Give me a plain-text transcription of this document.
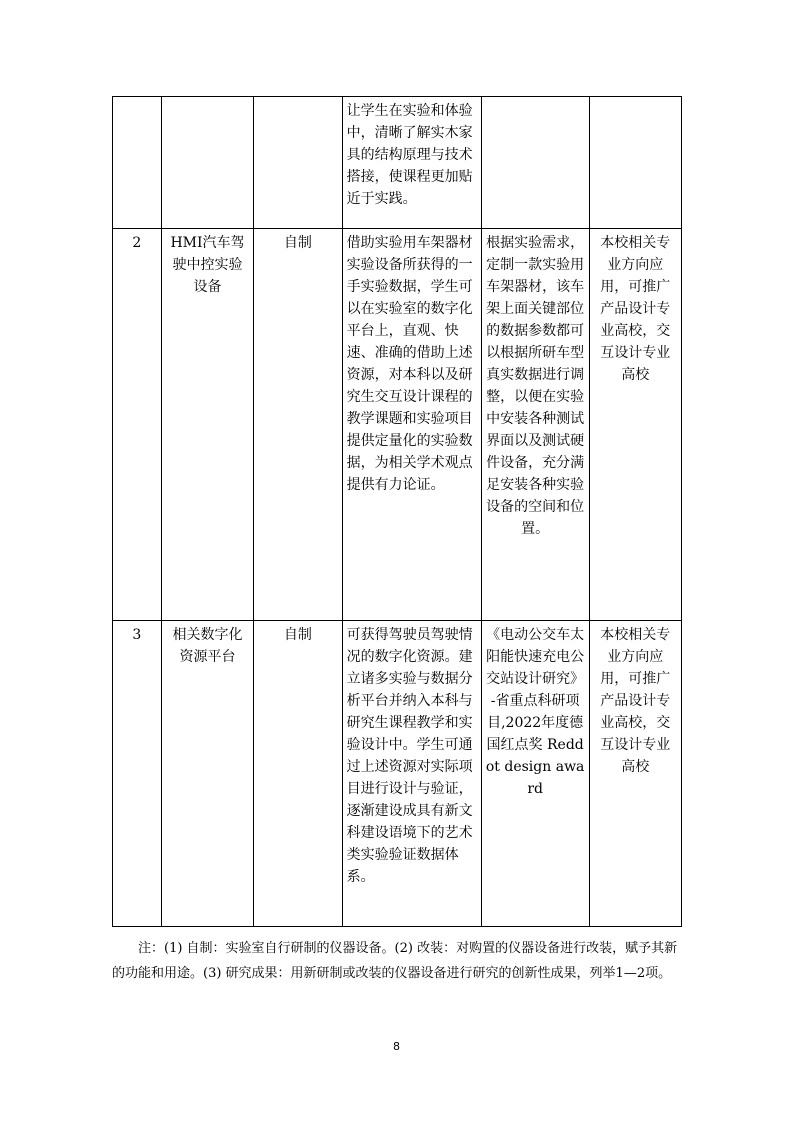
			让学生在实验和体验中，清晰了解实木家具的结构原理与技术搭接，使课程更加贴近于实践。		
2	HMI汽车驾驶中控实验设备	自制	借助实验用车架器材实验设备所获得的一手实验数据，学生可以在实验室的数字化平台上，直观、快速、准确的借助上述资源，对本科以及研究生交互设计课程的教学课题和实验项目提供定量化的实验数据，为相关学术观点提供有力论证。	根据实验需求，定制一款实验用车架器材，该车架上面关键部位的数据参数都可以根据所研车型真实数据进行调整，以便在实验中安装各种测试界面以及测试硬件设备，充分满足安装各种实验设备的空间和位置。	本校相关专业方向应用，可推广产品设计专业高校，交互设计专业高校
3	相关数字化资源平台	自制	可获得驾驶员驾驶情况的数字化资源。建立诸多实验与数据分析平台并纳入本科与研究生课程教学和实验设计中。学生可通过上述资源对实际项目进行设计与验证，逐渐建设成具有新文科建设语境下的艺术类实验验证数据体系。	《电动公交车太阳能快速充电公交站设计研究》-省重点科研项目,2022年度德国红点奖 Reddot design award	本校相关专业方向应用，可推广产品设计专业高校，交互设计专业高校
注：(1) 自制：实验室自行研制的仪器设备。(2) 改装：对购置的仪器设备进行改装，赋予其新的功能和用途。(3) 研究成果：用新研制或改装的仪器设备进行研究的创新性成果，列举1—2项。
8
